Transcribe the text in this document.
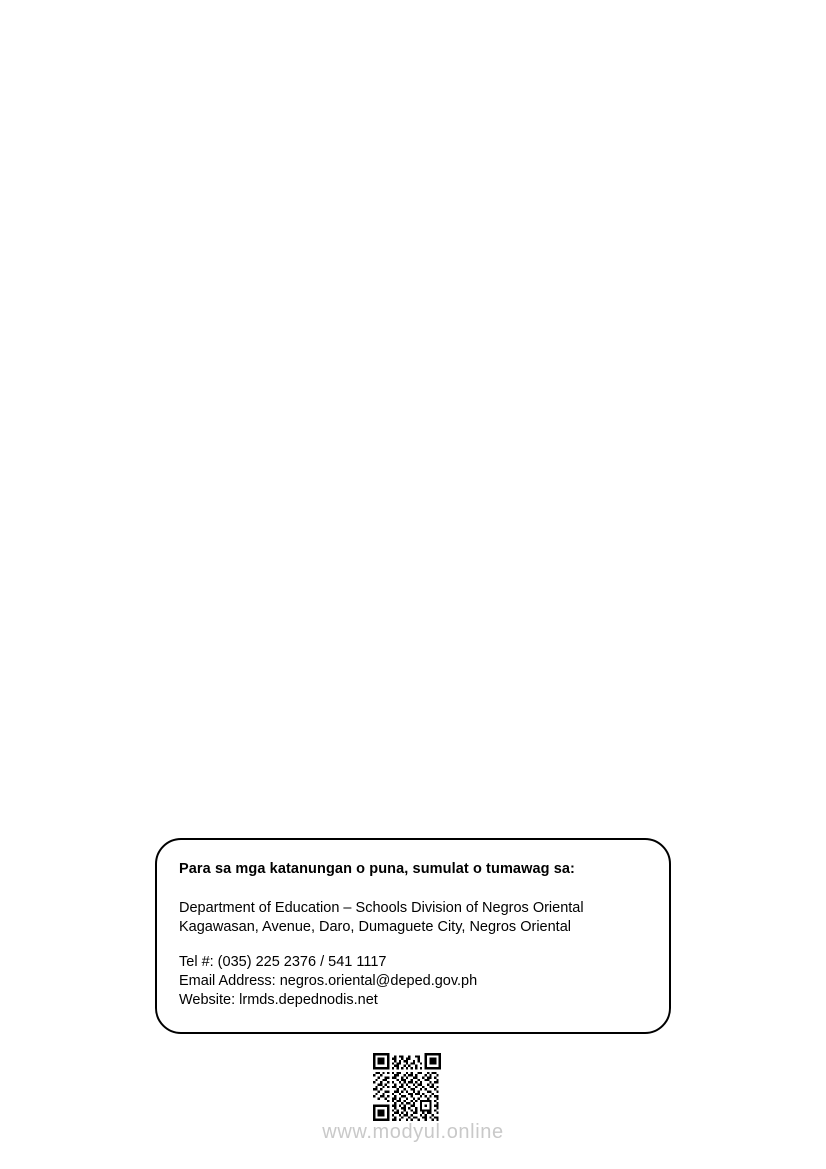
Para sa mga katanungan o puna, sumulat o tumawag sa:

Department of Education – Schools Division of Negros Oriental
Kagawasan, Avenue, Daro, Dumaguete City, Negros Oriental

Tel #: (035) 225 2376 / 541 1117
Email Address: negros.oriental@deped.gov.ph
Website: lrmds.depednodis.net

www.modyul.online
